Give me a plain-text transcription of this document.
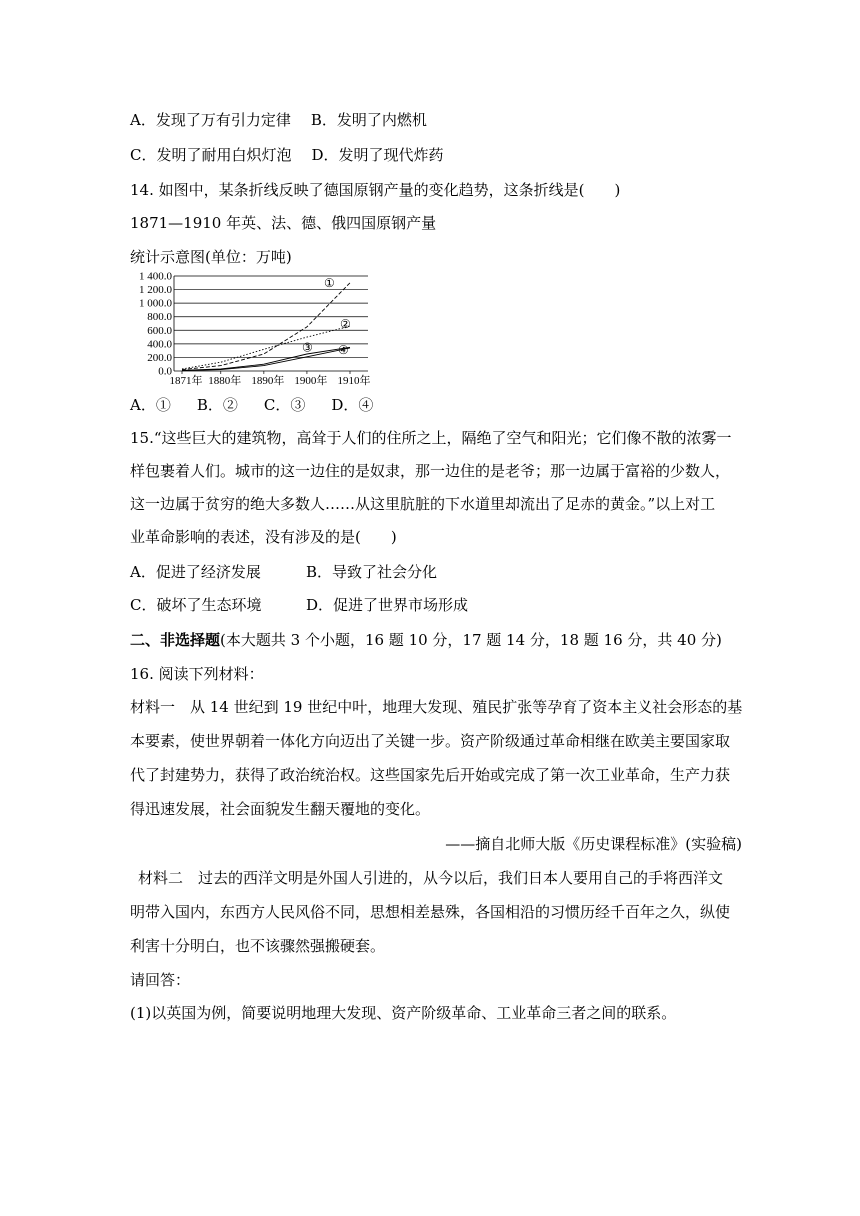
A．发现了万有引力定律 B．发明了内燃机
C．发明了耐用白炽灯泡 D．发明了现代炸药
14. 如图中，某条折线反映了德国原钢产量的变化趋势，这条折线是(　　)
1871—1910 年英、法、德、俄四国原钢产量
统计示意图(单位：万吨)
1 400.0
1 200.0
1 000.0
800.0
600.0
400.0
200.0
0.0
1871年 1880年 1890年 1900年 1910年
①
②
③ ④
A．① B．② C．③ D．④
15.“这些巨大的建筑物，高耸于人们的住所之上，隔绝了空气和阳光；它们像不散的浓雾一
样包裹着人们。城市的这一边住的是奴隶，那一边住的是老爷；那一边属于富裕的少数人，
这一边属于贫穷的绝大多数人……从这里肮脏的下水道里却流出了足赤的黄金。”以上对工
业革命影响的表述，没有涉及的是(　　)
A．促进了经济发展	B．导致了社会分化
C．破坏了生态环境	D．促进了世界市场形成
二、非选择题(本大题共 3 个小题，16 题 10 分，17 题 14 分，18 题 16 分，共 40 分)
16. 阅读下列材料：
材料一　从 14 世纪到 19 世纪中叶，地理大发现、殖民扩张等孕育了资本主义社会形态的基
本要素，使世界朝着一体化方向迈出了关键一步。资产阶级通过革命相继在欧美主要国家取
代了封建势力，获得了政治统治权。这些国家先后开始或完成了第一次工业革命，生产力获
得迅速发展，社会面貌发生翻天覆地的变化。
——摘自北师大版《历史课程标准》(实验稿)
材料二　过去的西洋文明是外国人引进的，从今以后，我们日本人要用自己的手将西洋文
明带入国内，东西方人民风俗不同，思想相差悬殊，各国相沿的习惯历经千百年之久，纵使
利害十分明白，也不该骤然强搬硬套。
请回答：
(1)以英国为例，简要说明地理大发现、资产阶级革命、工业革命三者之间的联系。
